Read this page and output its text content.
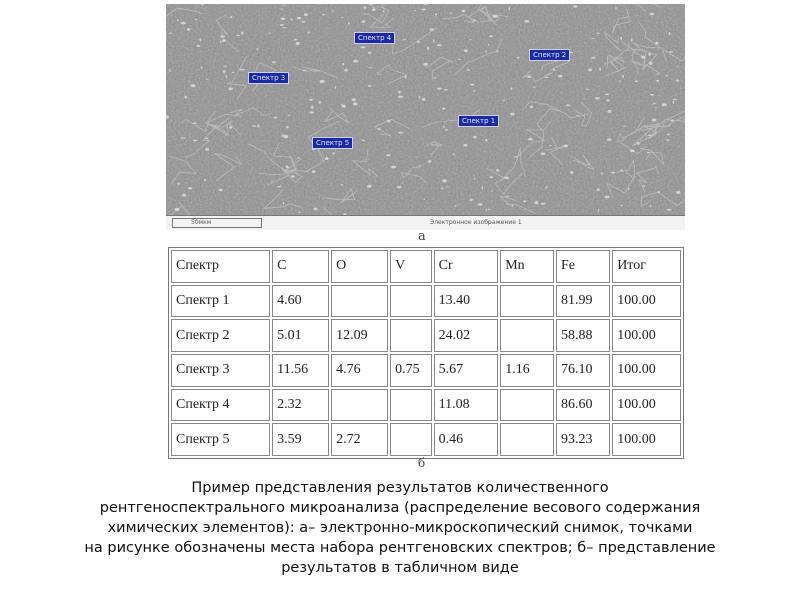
Спектр 4
Спектр 2
Спектр 3
Спектр 1
Спектр 5
50мкм	Электронное изображение 1
а
Спектр	C	O	V	Cr	Mn	Fe	Итог
Спектр 1	4.60			13.40		81.99	100.00
Спектр 2	5.01	12.09		24.02		58.88	100.00
Спектр 3	11.56	4.76	0.75	5.67	1.16	76.10	100.00
Спектр 4	2.32			11.08		86.60	100.00
Спектр 5	3.59	2.72		0.46		93.23	100.00
б
Пример представления результатов количественного
рентгеноспектрального микроанализа (распределение весового содержания
химических элементов): а– электронно-микроскопический снимок, точками
на рисунке обозначены места набора рентгеновских спектров; б– представление
результатов в табличном виде
